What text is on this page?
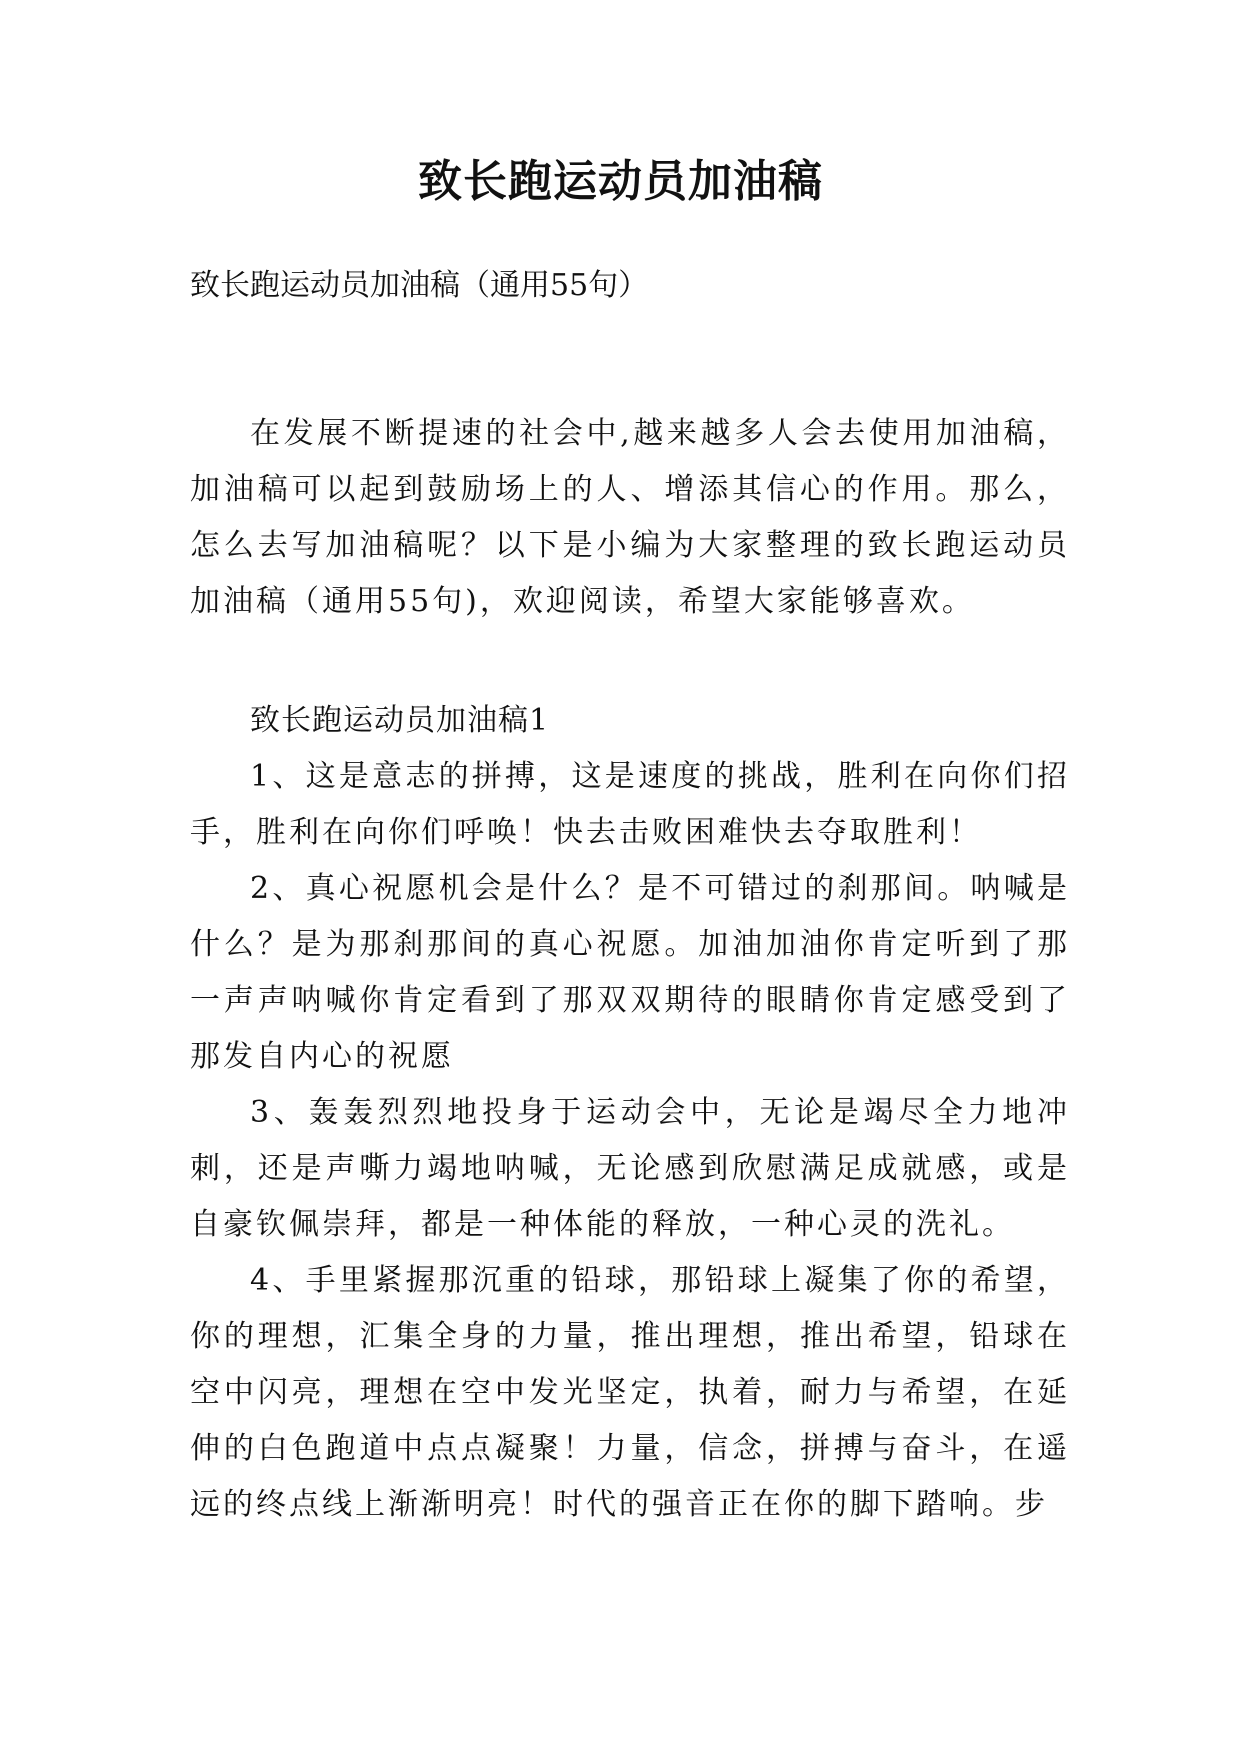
致长跑运动员加油稿
致长跑运动员加油稿（通用55句）

在发展不断提速的社会中,越来越多人会去使用加油稿，加油稿可以起到鼓励场上的人、增添其信心的作用。那么，怎么去写加油稿呢？以下是小编为大家整理的致长跑运动员加油稿（通用55句)，欢迎阅读，希望大家能够喜欢。

致长跑运动员加油稿1

1、这是意志的拼搏，这是速度的挑战，胜利在向你们招手，胜利在向你们呼唤！快去击败困难快去夺取胜利！

2、真心祝愿机会是什么？是不可错过的刹那间。呐喊是什么？是为那刹那间的真心祝愿。加油加油你肯定听到了那一声声呐喊你肯定看到了那双双期待的眼睛你肯定感受到了那发自内心的祝愿

3、轰轰烈烈地投身于运动会中，无论是竭尽全力地冲刺，还是声嘶力竭地呐喊，无论感到欣慰满足成就感，或是自豪钦佩崇拜，都是一种体能的释放，一种心灵的洗礼。

4、手里紧握那沉重的铅球，那铅球上凝集了你的希望，你的理想，汇集全身的力量，推出理想，推出希望，铅球在空中闪亮，理想在空中发光坚定，执着，耐力与希望，在延伸的白色跑道中点点凝聚！力量，信念，拼搏与奋斗，在遥远的终点线上渐渐明亮！时代的强音正在你的脚下踏响。步
